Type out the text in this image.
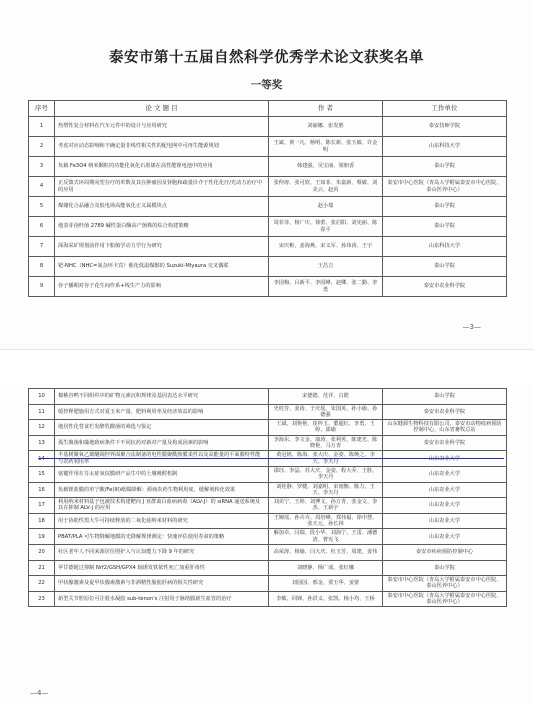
泰安市第十五届自然科学优秀学术论文获奖名单
一等奖
序号	论 文 题 目	作 者	工作单位
1	热塑性复合材料在汽车元件中的设计与应用研究	刘丽娜、张发胜	泰安技师学院
2	考虑对应动态影响和不确定量非线性相关性的配电网中可再生能源规划	王斌、黄一凡、杨明、陈长新、张玉敏、许金明	山东科技大学
3	负载 Fe3O4 纳米颗粒的功能化氧化石墨烯在高性能锂电池中的应用	韩建强、吴宝丽、梁朋香	泰山学院
4	正反馈式环周期向型存疗的单数及其在肿瘤因及肾胞和疏量诊介于性化化疗/光动力治疗中的应用	张仲涛、张可欣、王如菲、朱嘉新、蔡敏、刘美云、赵芮	泰安市中心医院（青岛大学附属泰安市中心医院、泰山医养中心）
5	煤储化合品融合及低电场高能氧化正义属模块点	赵小瑞	泰山学院
6	地表芽孢杆菌 2789 碱性蛋白酶高产菌株的综合构建策略	周菲菲、杨广庆、徐蕾、张启阳、刘宪丽、陈春平	泰山学院
7	深海采矿规划前作用下船舶学动力学行为研究	宋庆彬、姜海燕、宋义军、孙玮涛、王宇	山东科技大学
8	钯-NHC（NHC=氮杂环卡宾）催化低温煤醇的 Suzuki-Miyaura 交叉偶联	王昌吉	泰山学院
9	谷子播期对谷子花生间作系+线生产力的影响	李国梅、吕新平、李国峰、赵卿、张二勤、李勇	泰安市农业科学院
—3—
10	棉桃谷鸭不同组织中的矿物元素沉积规律及基因表达水平研究	宋德德、范详、白皓	泰山学院
11	缓控释肥施用方式对夏玉米产量、肥料利用率及经济效益的影响	史桂芳、姜涛、于庆瑶、朱国英、孙小瑜、孙德强	泰安市农业科学院
12	地居性化替食栏发酵乳酸菌的筛选与鉴定	王斌、刘艳艳、崔梓玉、董超红、李勇、王婷、邵瑜	山东健源生物科技有限公司，泰安市动物疫病预防控制中心，山东省畜牧总站
13	孤生腹菌和藻地致病条件下不同抗药对新对产量及构成因素的影响	李海东、李文金、康涛、张利英、陈建光、陈晓艳、马万青	泰安市农业科学院
14	半基树聚氧乙烯醚调控界面聚合法制备的电性膜聚酰胺膜柔性以及高能量的平面膜特性能与农药利用率	黄冠铭、陈海、张大庆、金姿、陈焕之、李天、李天丹	山东农业大学
15	氨键作用在芬太硅氧烷膜研产品生中的土壤吸附机制	邵珏、李晶、苏大庆、金姿、程大乔、王胜、李天丹	山东农业大学
16	负载锂盐膜的单宁酸/Fe(III)纸媒降解：源商农药生物利用度、缓解剂转化效果	刘桂静、罗健、刘嘉明、宋雨衡、陈力、王天、李天丹	山东农业大学
17	利用纳米材料基于包被技术构建靶向 J 亚群禽白血病病毒（ALV-J）的 siRNA 递送系统及其在抑制 ALV-J 的应用	刘美宁、王婷、刘博文、孙万青、张金文、李杰、王新宇	山东农业大学
18	用于协助性黑大牛可持续释放的二氧化硅纳米材料的研究	王婉瑶、孙卉卉、周培峰、郑伟福、徐中慧、张天元、孙长林	山东农业大学
19	PBAT/PLA 可生物降解地膜的光降解规律测定：快速评估使用寿命的策略	解加卓、闫瑞、段小华、刘海宁、王雷、潘德清、曹宪飞	山东农业大学
20	社区老年人不同来源居住照护入与认知能力下降 9 年的研究	高荣涛、杨瑜、闫大庆、杜玉芳、周建、姜伟	泰安市疾病预防控制中心
21	苹甘德链过抑制 Nrf2/GSH/GPX4 轴诱发铁依性死亡加重肝毒性	刘晓静、杨广成、张红娜	泰山学院
22	甲状腺激素及促甲状腺素激素与非酒精性脂肪肝病的相关性研究	刘园园、邢金、贾玉华、姜蕾	泰安市中心医院（青岛大学附属泰安市中心医院、泰山医养中心）
23	新型关节腔原位可注射水凝胶 sub-tenon's 注射用于脉络膜新生血管的治疗	李敏、回锋、孙洪义、张凯、杨小均、王桥	泰安市中心医院（青岛大学附属泰安市中心医院、泰山医养中心）
—4—
